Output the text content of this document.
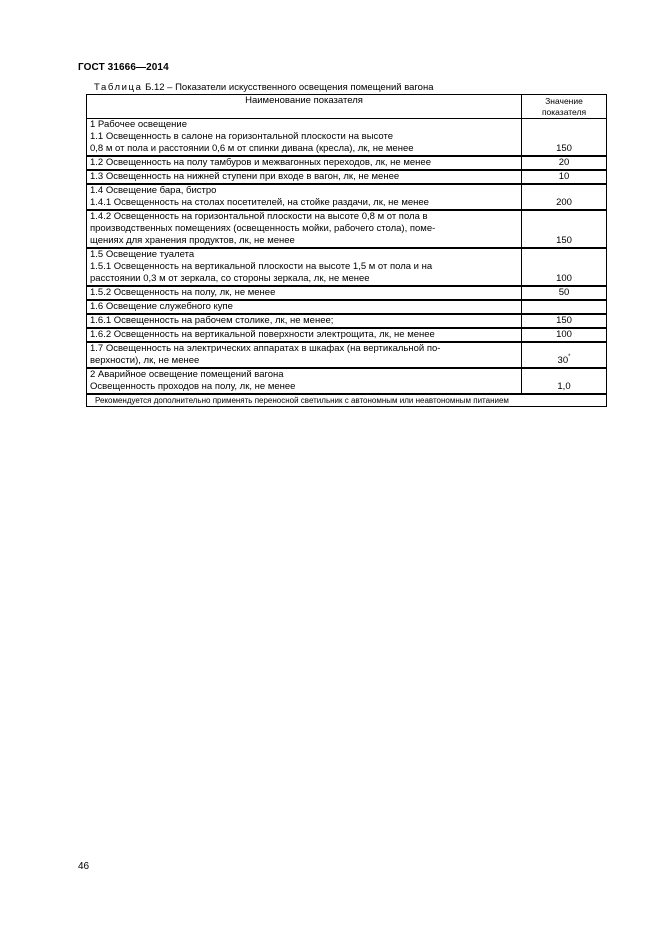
ГОСТ 31666—2014
Таблица Б.12 – Показатели искусственного освещения помещений вагона
Наименование показателя	Значение показателя

1 Рабочее освещение
1.1 Освещенность в салоне на горизонтальной плоскости на высоте
0,8 м от пола и расстоянии 0,6 м от спинки дивана (кресла), лк, не менее	150

1.2 Освещенность на полу тамбуров и межвагонных переходов, лк, не менее	20

1.3 Освещенность на нижней ступени при входе в вагон, лк, не менее	10

1.4 Освещение бара, бистро
1.4.1 Освещенность на столах посетителей, на стойке раздачи, лк, не менее	200

1.4.2 Освещенность на горизонтальной плоскости на высоте 0,8 м от пола в
производственных помещениях (освещенность мойки, рабочего стола), поме-
щениях для хранения продуктов, лк, не менее	150

1.5 Освещение туалета
1.5.1 Освещенность на вертикальной плоскости на высоте 1,5 м от пола и на
расстоянии 0,3 м от зеркала, со стороны зеркала, лк, не менее	100

1.5.2 Освещенность на полу, лк, не менее	50

1.6 Освещение служебного купе	

1.6.1 Освещенность на рабочем столике, лк, не менее;	150

1.6.2 Освещенность на вертикальной поверхности электрощита, лк, не менее	100

1.7 Освещенность на электрических аппаратах в шкафах (на вертикальной по-
верхности), лк, не менее	30*

2 Аварийное освещение помещений вагона
Освещенность проходов на полу, лк, не менее	1,0
Рекомендуется дополнительно применять переносной светильник с автономным или неавтономным питанием	
46
